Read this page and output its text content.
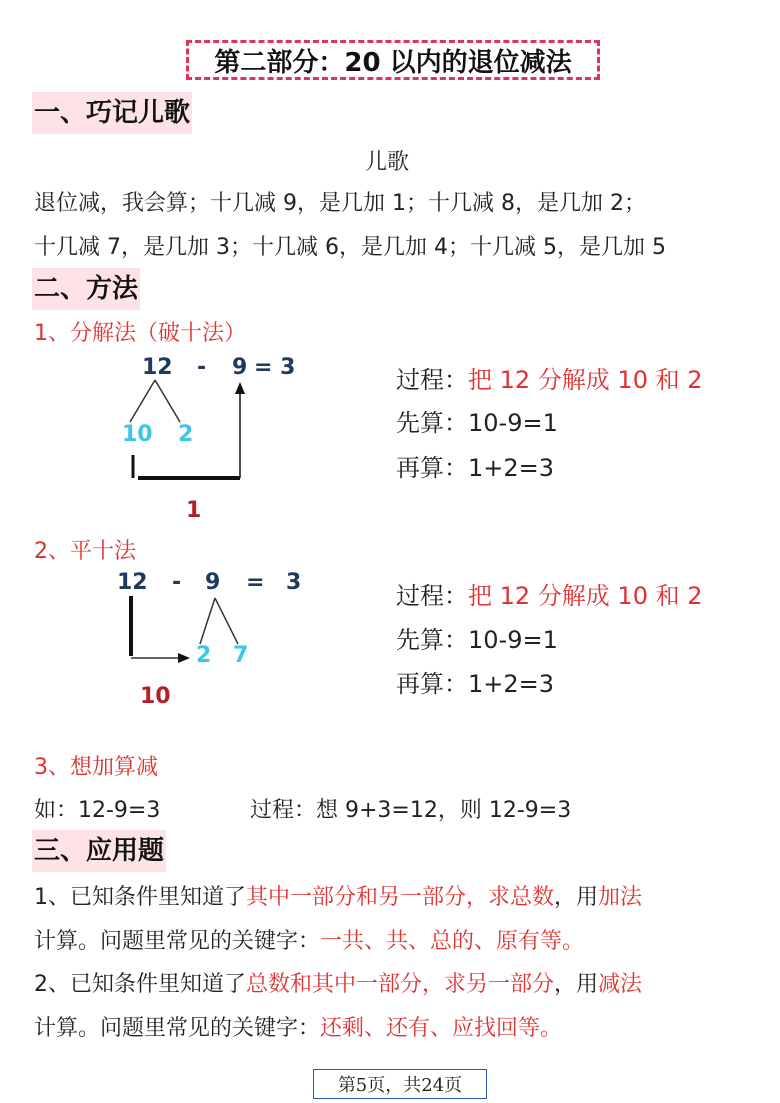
第二部分：20 以内的退位减法
一、巧记儿歌
儿歌
退位减，我会算；十几减 9，是几加 1；十几减 8，是几加 2；
十几减 7，是几加 3；十几减 6，是几加 4；十几减 5，是几加 5
二、方法
1、分解法（破十法）
12 - 9 = 3
10 2
1
过程：把 12 分解成 10 和 2
先算：10-9=1
再算：1+2=3
2、平十法
12 - 9 = 3
2 7
10
过程：把 12 分解成 10 和 2
先算：10-9=1
再算：1+2=3
3、想加算减
如：12-9=3	过程：想 9+3=12，则 12-9=3
三、应用题
1、已知条件里知道了其中一部分和另一部分，求总数，用加法
计算。问题里常见的关键字：一共、共、总的、原有等。
2、已知条件里知道了总数和其中一部分，求另一部分，用减法
计算。问题里常见的关键字：还剩、还有、应找回等。
第5页，共24页
